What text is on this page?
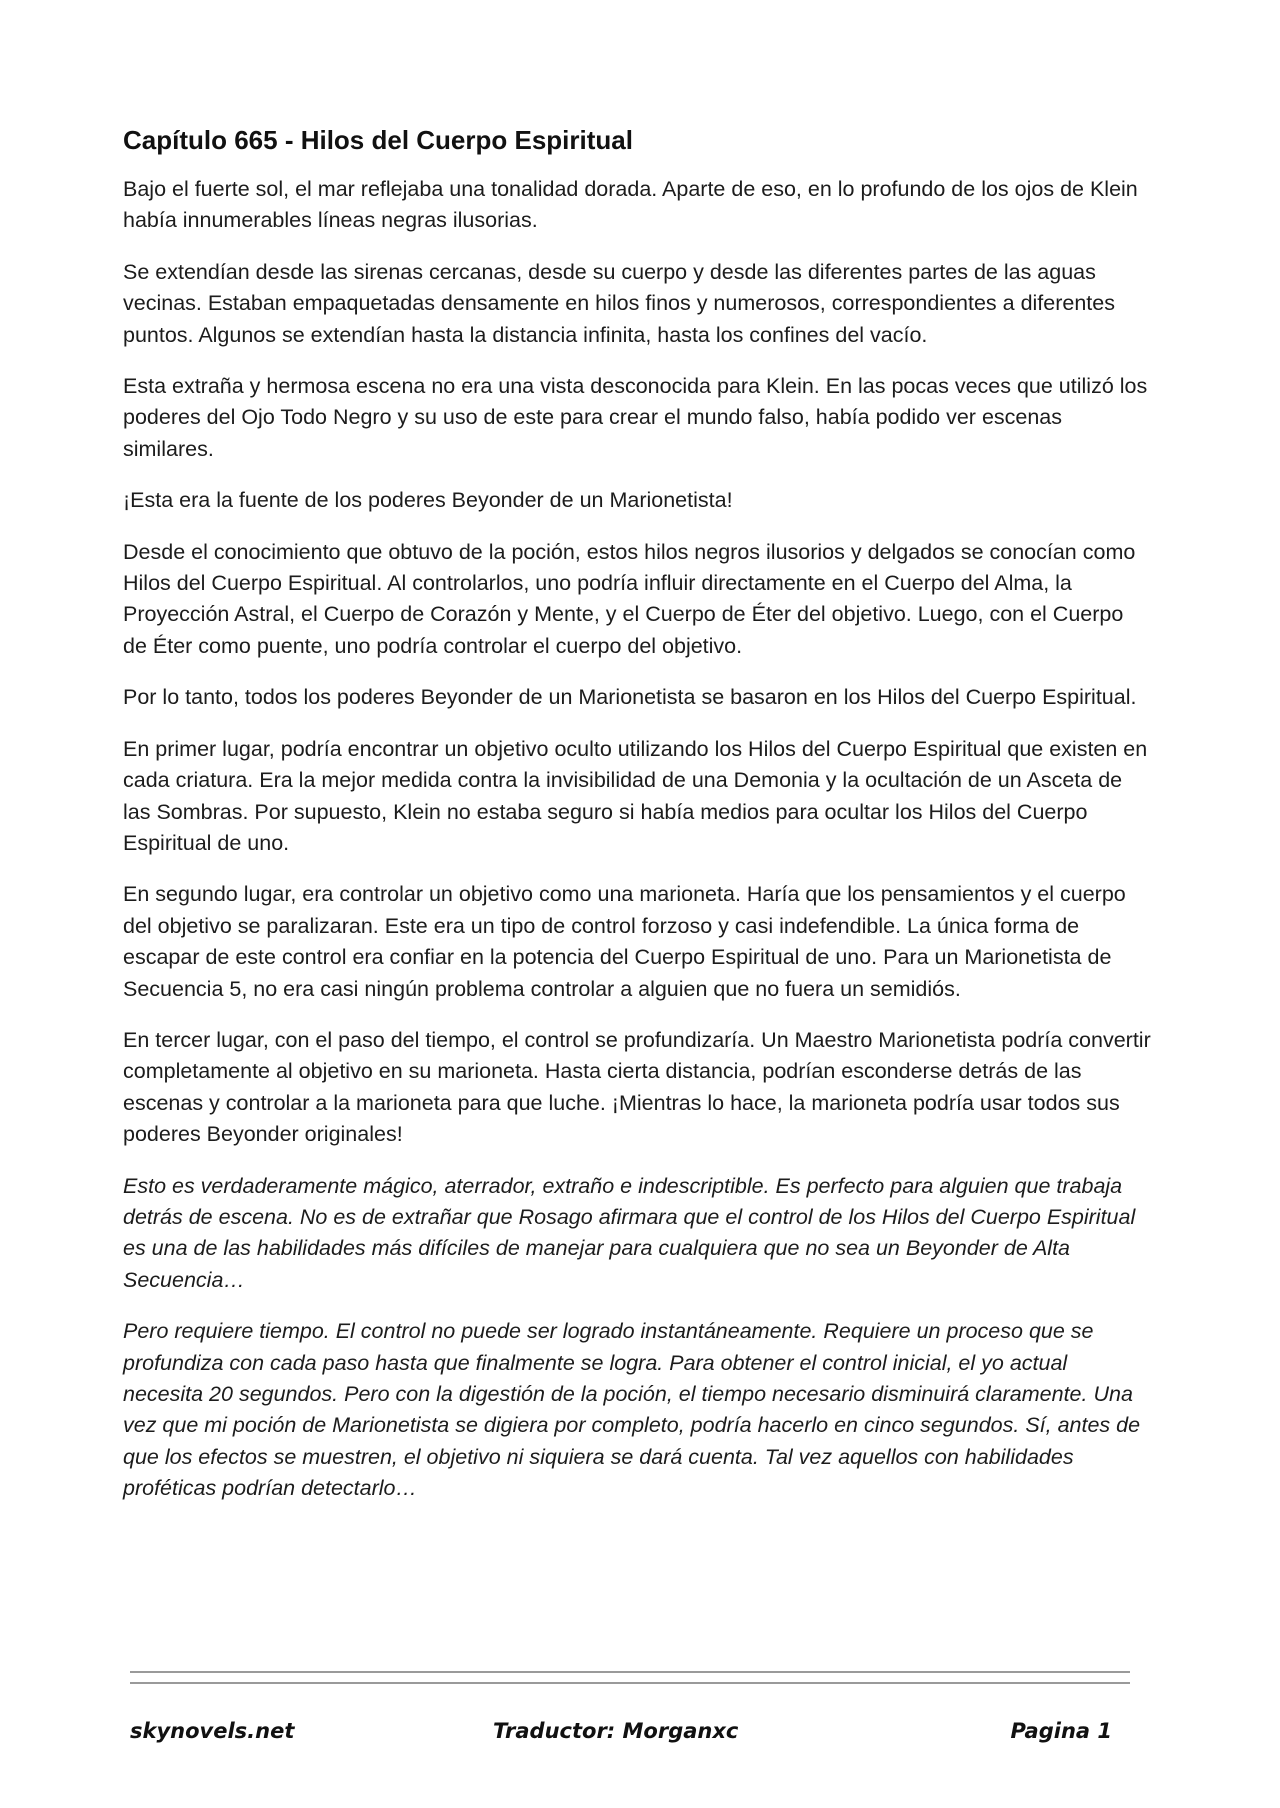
Capítulo 665 - Hilos del Cuerpo Espiritual

Bajo el fuerte sol, el mar reflejaba una tonalidad dorada. Aparte de eso, en lo profundo de los ojos de Klein había innumerables líneas negras ilusorias.

Se extendían desde las sirenas cercanas, desde su cuerpo y desde las diferentes partes de las aguas vecinas. Estaban empaquetadas densamente en hilos finos y numerosos, correspondientes a diferentes puntos. Algunos se extendían hasta la distancia infinita, hasta los confines del vacío.

Esta extraña y hermosa escena no era una vista desconocida para Klein. En las pocas veces que utilizó los poderes del Ojo Todo Negro y su uso de este para crear el mundo falso, había podido ver escenas similares.

¡Esta era la fuente de los poderes Beyonder de un Marionetista!

Desde el conocimiento que obtuvo de la poción, estos hilos negros ilusorios y delgados se conocían como Hilos del Cuerpo Espiritual. Al controlarlos, uno podría influir directamente en el Cuerpo del Alma, la Proyección Astral, el Cuerpo de Corazón y Mente, y el Cuerpo de Éter del objetivo. Luego, con el Cuerpo de Éter como puente, uno podría controlar el cuerpo del objetivo.

Por lo tanto, todos los poderes Beyonder de un Marionetista se basaron en los Hilos del Cuerpo Espiritual.

En primer lugar, podría encontrar un objetivo oculto utilizando los Hilos del Cuerpo Espiritual que existen en cada criatura. Era la mejor medida contra la invisibilidad de una Demonia y la ocultación de un Asceta de las Sombras. Por supuesto, Klein no estaba seguro si había medios para ocultar los Hilos del Cuerpo Espiritual de uno.

En segundo lugar, era controlar un objetivo como una marioneta. Haría que los pensamientos y el cuerpo del objetivo se paralizaran. Este era un tipo de control forzoso y casi indefendible. La única forma de escapar de este control era confiar en la potencia del Cuerpo Espiritual de uno. Para un Marionetista de Secuencia 5, no era casi ningún problema controlar a alguien que no fuera un semidiós.

En tercer lugar, con el paso del tiempo, el control se profundizaría. Un Maestro Marionetista podría convertir completamente al objetivo en su marioneta. Hasta cierta distancia, podrían esconderse detrás de las escenas y controlar a la marioneta para que luche. ¡Mientras lo hace, la marioneta podría usar todos sus poderes Beyonder originales!

Esto es verdaderamente mágico, aterrador, extraño e indescriptible. Es perfecto para alguien que trabaja detrás de escena. No es de extrañar que Rosago afirmara que el control de los Hilos del Cuerpo Espiritual es una de las habilidades más difíciles de manejar para cualquiera que no sea un Beyonder de Alta Secuencia…

Pero requiere tiempo. El control no puede ser logrado instantáneamente. Requiere un proceso que se profundiza con cada paso hasta que finalmente se logra. Para obtener el control inicial, el yo actual necesita 20 segundos. Pero con la digestión de la poción, el tiempo necesario disminuirá claramente. Una vez que mi poción de Marionetista se digiera por completo, podría hacerlo en cinco segundos. Sí, antes de que los efectos se muestren, el objetivo ni siquiera se dará cuenta. Tal vez aquellos con habilidades proféticas podrían detectarlo…

skynovels.net	Traductor: Morganxc	Pagina 1
